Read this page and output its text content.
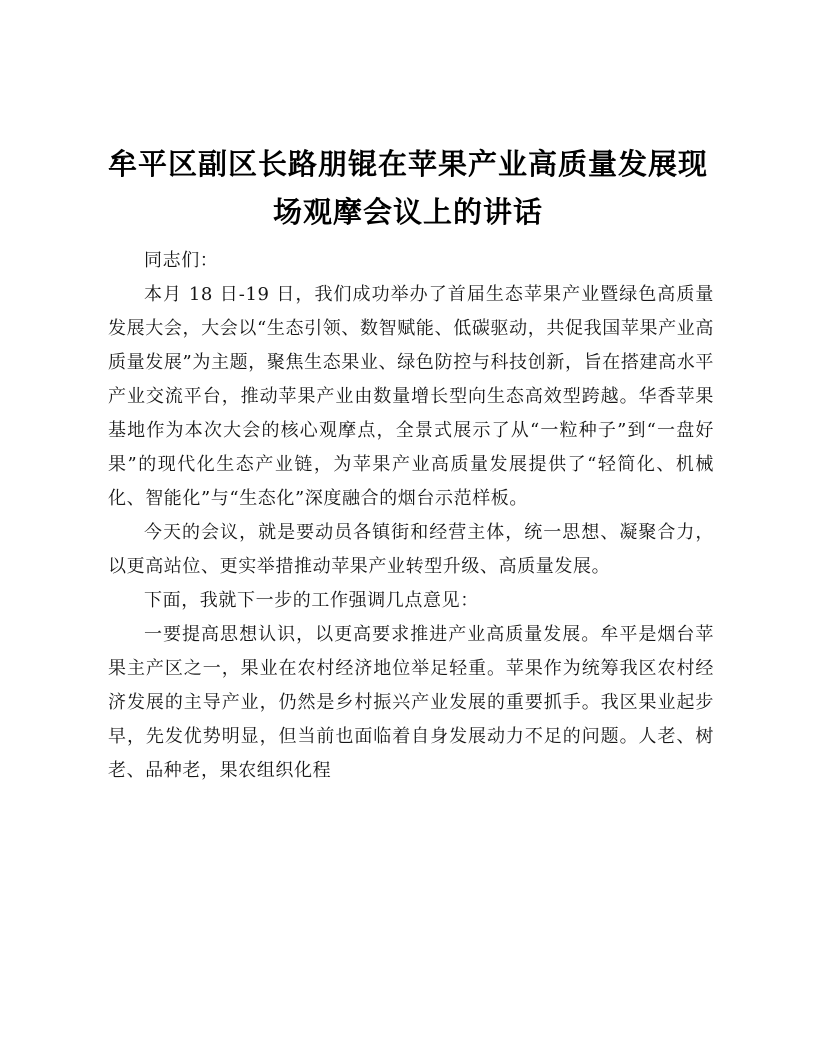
牟平区副区长路朋锟在苹果产业高质量发展现场观摩会议上的讲话

同志们：

本月 18 日-19 日，我们成功举办了首届生态苹果产业暨绿色高质量发展大会，大会以“生态引领、数智赋能、低碳驱动，共促我国苹果产业高质量发展”为主题，聚焦生态果业、绿色防控与科技创新，旨在搭建高水平产业交流平台，推动苹果产业由数量增长型向生态高效型跨越。华香苹果基地作为本次大会的核心观摩点，全景式展示了从“一粒种子”到“一盘好果”的现代化生态产业链，为苹果产业高质量发展提供了“轻简化、机械化、智能化”与“生态化”深度融合的烟台示范样板。

今天的会议，就是要动员各镇街和经营主体，统一思想、凝聚合力，以更高站位、更实举措推动苹果产业转型升级、高质量发展。

下面，我就下一步的工作强调几点意见：

一要提高思想认识，以更高要求推进产业高质量发展。牟平是烟台苹果主产区之一，果业在农村经济地位举足轻重。苹果作为统筹我区农村经济发展的主导产业，仍然是乡村振兴产业发展的重要抓手。我区果业起步早，先发优势明显，但当前也面临着自身发展动力不足的问题。人老、树老、品种老，果农组织化程
